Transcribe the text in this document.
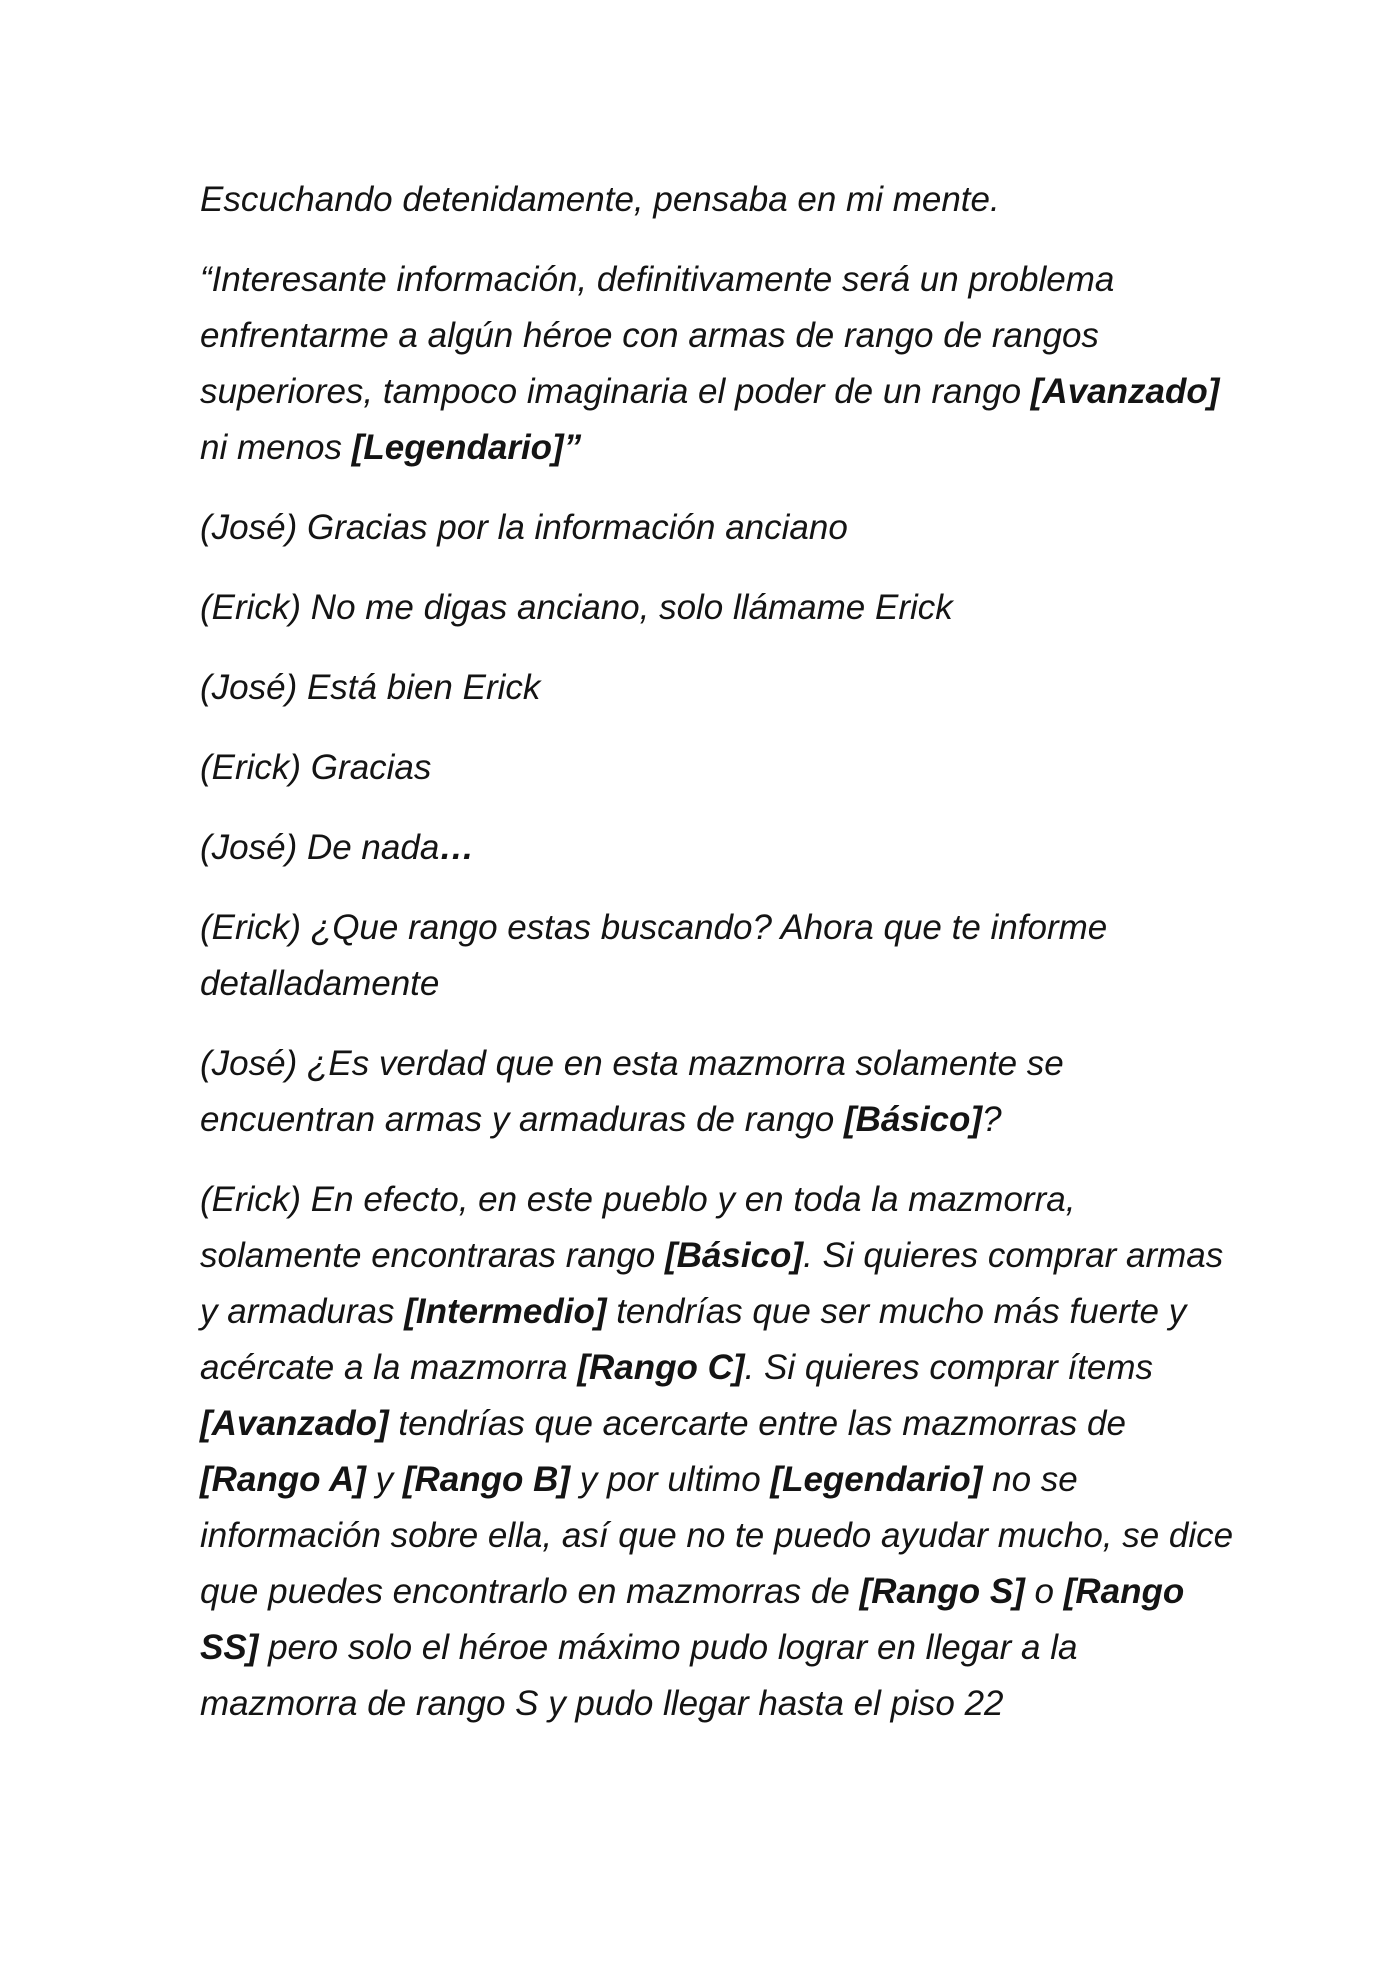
Escuchando detenidamente, pensaba en mi mente.

“Interesante información, definitivamente será un problema enfrentarme a algún héroe con armas de rango de rangos superiores, tampoco imaginaria el poder de un rango [Avanzado] ni menos [Legendario]”

(José) Gracias por la información anciano

(Erick) No me digas anciano, solo llámame Erick

(José) Está bien Erick

(Erick) Gracias

(José) De nada…

(Erick) ¿Que rango estas buscando? Ahora que te informe detalladamente

(José) ¿Es verdad que en esta mazmorra solamente se encuentran armas y armaduras de rango [Básico]?

(Erick) En efecto, en este pueblo y en toda la mazmorra, solamente encontraras rango [Básico]. Si quieres comprar armas y armaduras [Intermedio] tendrías que ser mucho más fuerte y acércate a la mazmorra [Rango C]. Si quieres comprar ítems [Avanzado] tendrías que acercarte entre las mazmorras de [Rango A] y [Rango B] y por ultimo [Legendario] no se información sobre ella, así que no te puedo ayudar mucho, se dice que puedes encontrarlo en mazmorras de [Rango S] o [Rango SS] pero solo el héroe máximo pudo lograr en llegar a la mazmorra de rango S y pudo llegar hasta el piso 22
